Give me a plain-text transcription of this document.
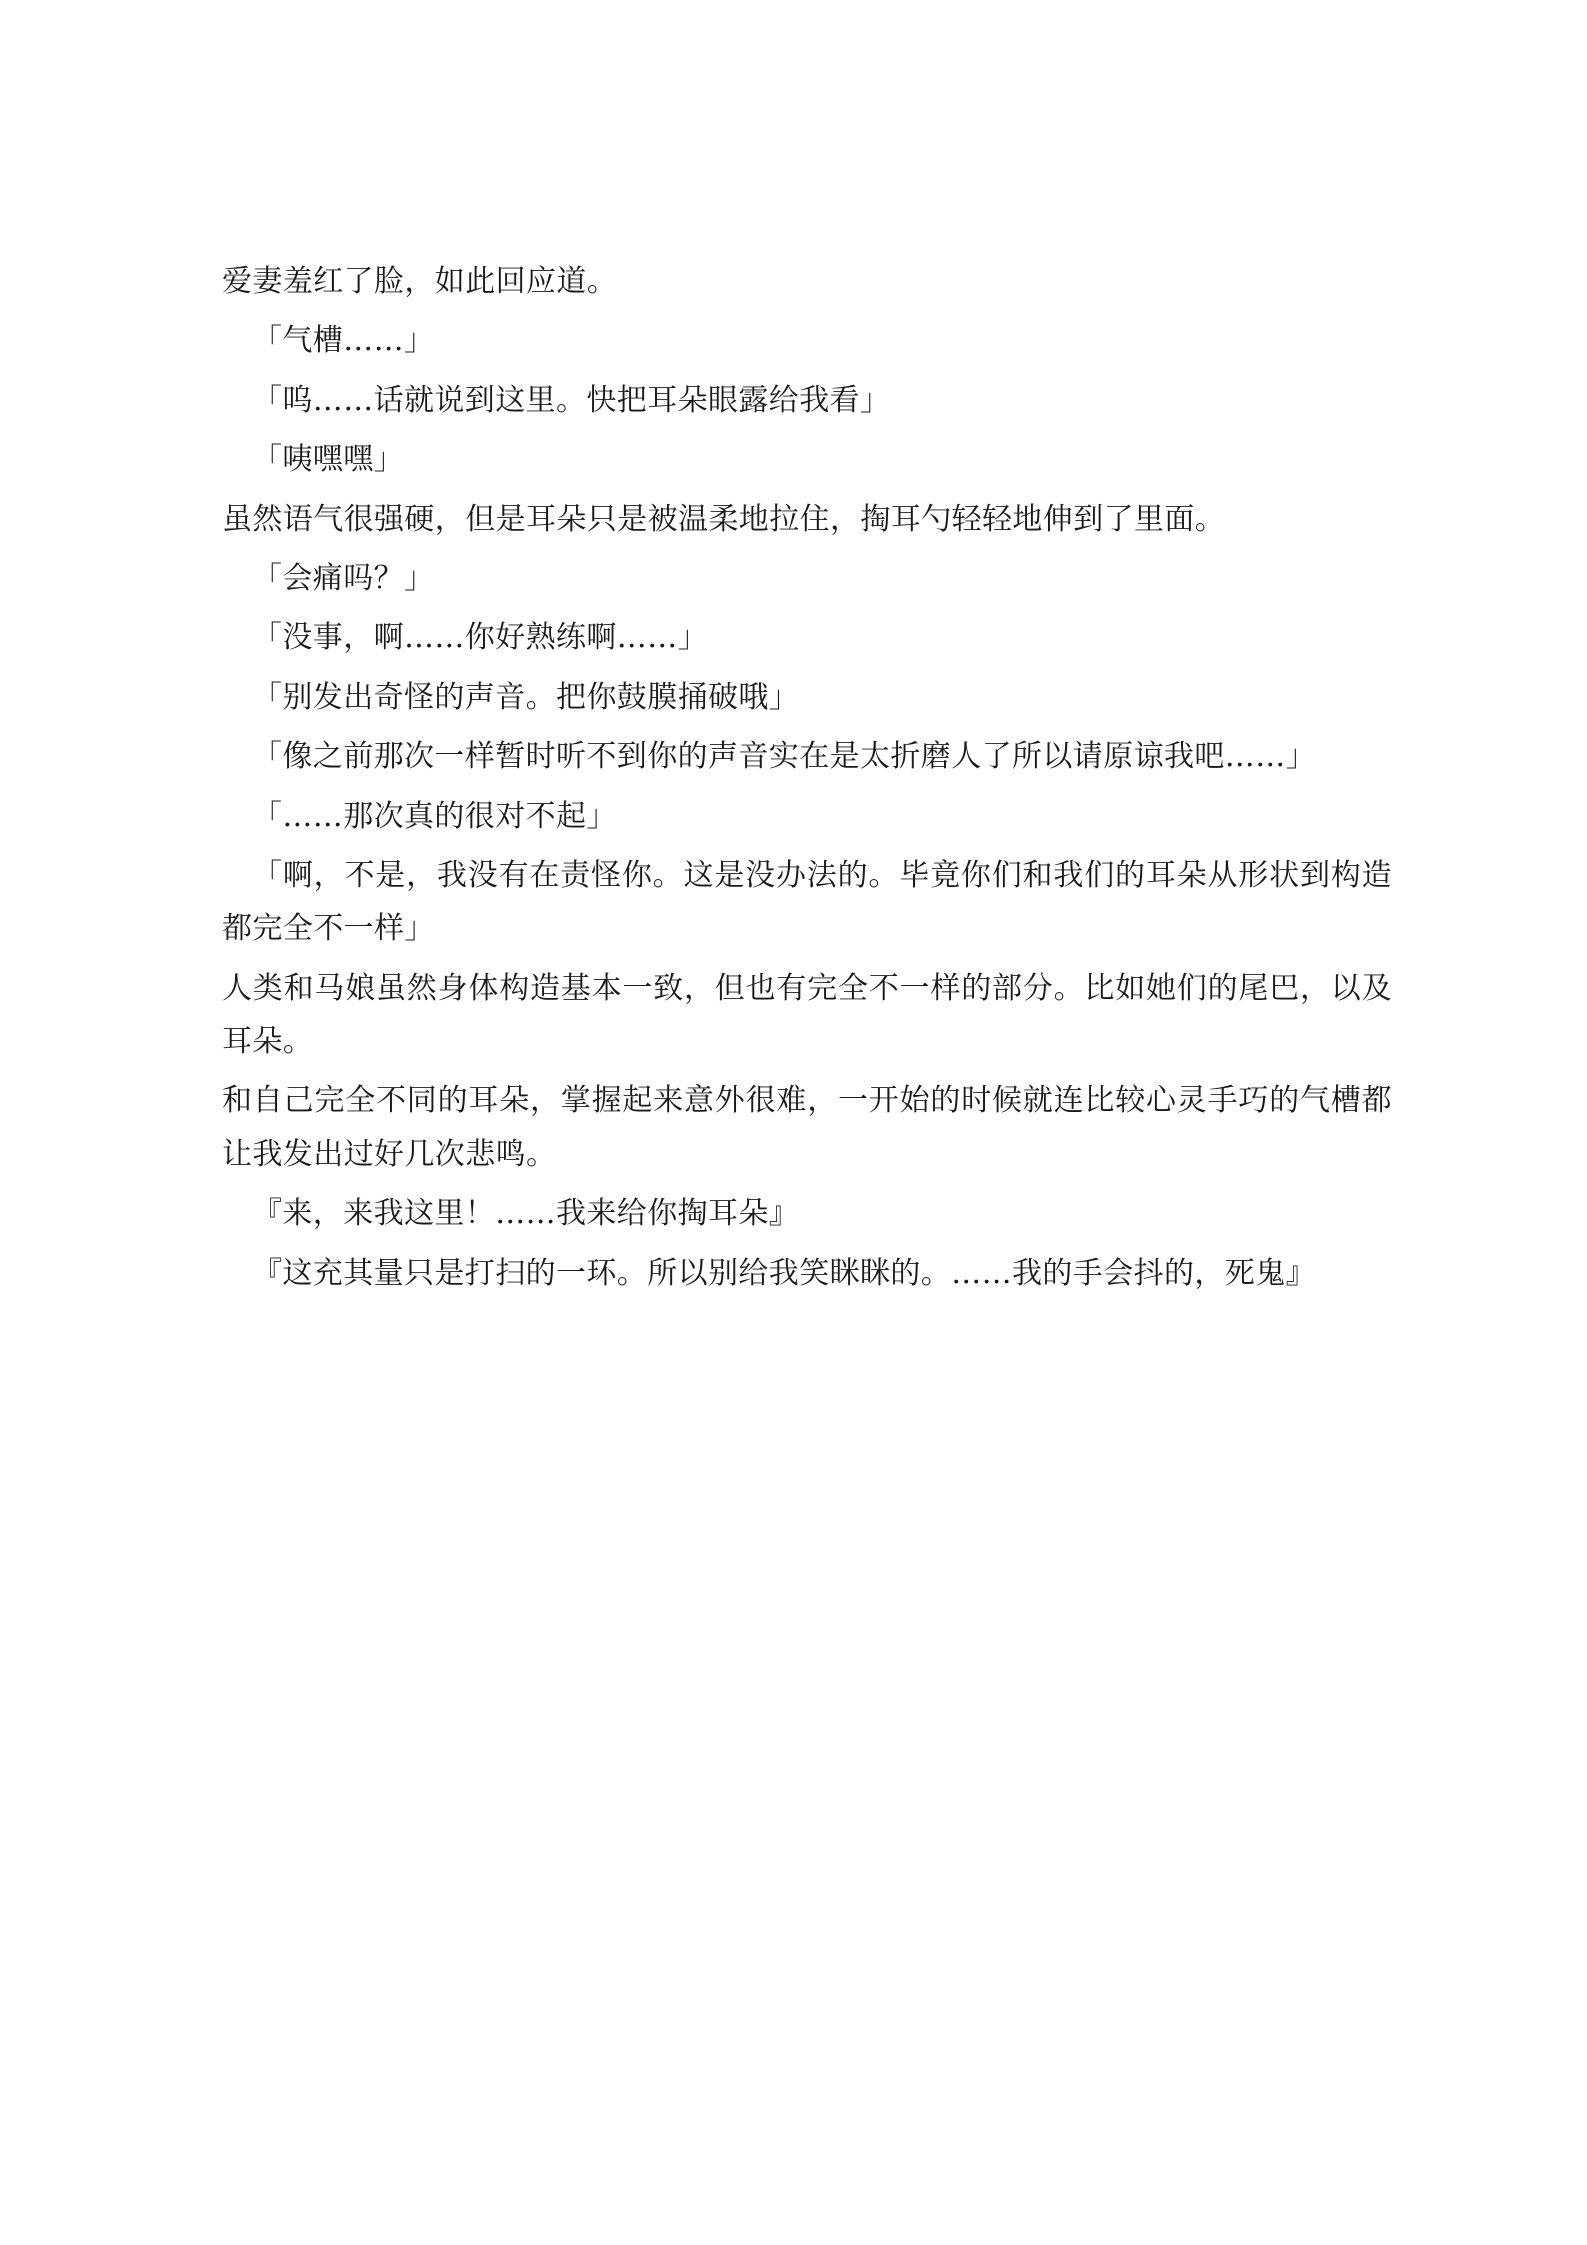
爱妻羞红了脸，如此回应道。

「气槽……」

「呜……话就说到这里。快把耳朵眼露给我看」

「咦嘿嘿」

虽然语气很强硬，但是耳朵只是被温柔地拉住，掏耳勺轻轻地伸到了里面。

「会痛吗？」

「没事，啊……你好熟练啊……」

「别发出奇怪的声音。把你鼓膜捅破哦」

「像之前那次一样暂时听不到你的声音实在是太折磨人了所以请原谅我吧……」

「……那次真的很对不起」

「啊，不是，我没有在责怪你。这是没办法的。毕竟你们和我们的耳朵从形状到构造都完全不一样」

人类和马娘虽然身体构造基本一致，但也有完全不一样的部分。比如她们的尾巴，以及耳朵。

和自己完全不同的耳朵，掌握起来意外很难，一开始的时候就连比较心灵手巧的气槽都让我发出过好几次悲鸣。

『来，来我这里！……我来给你掏耳朵』

『这充其量只是打扫的一环。所以别给我笑眯眯的。……我的手会抖的，死鬼』
